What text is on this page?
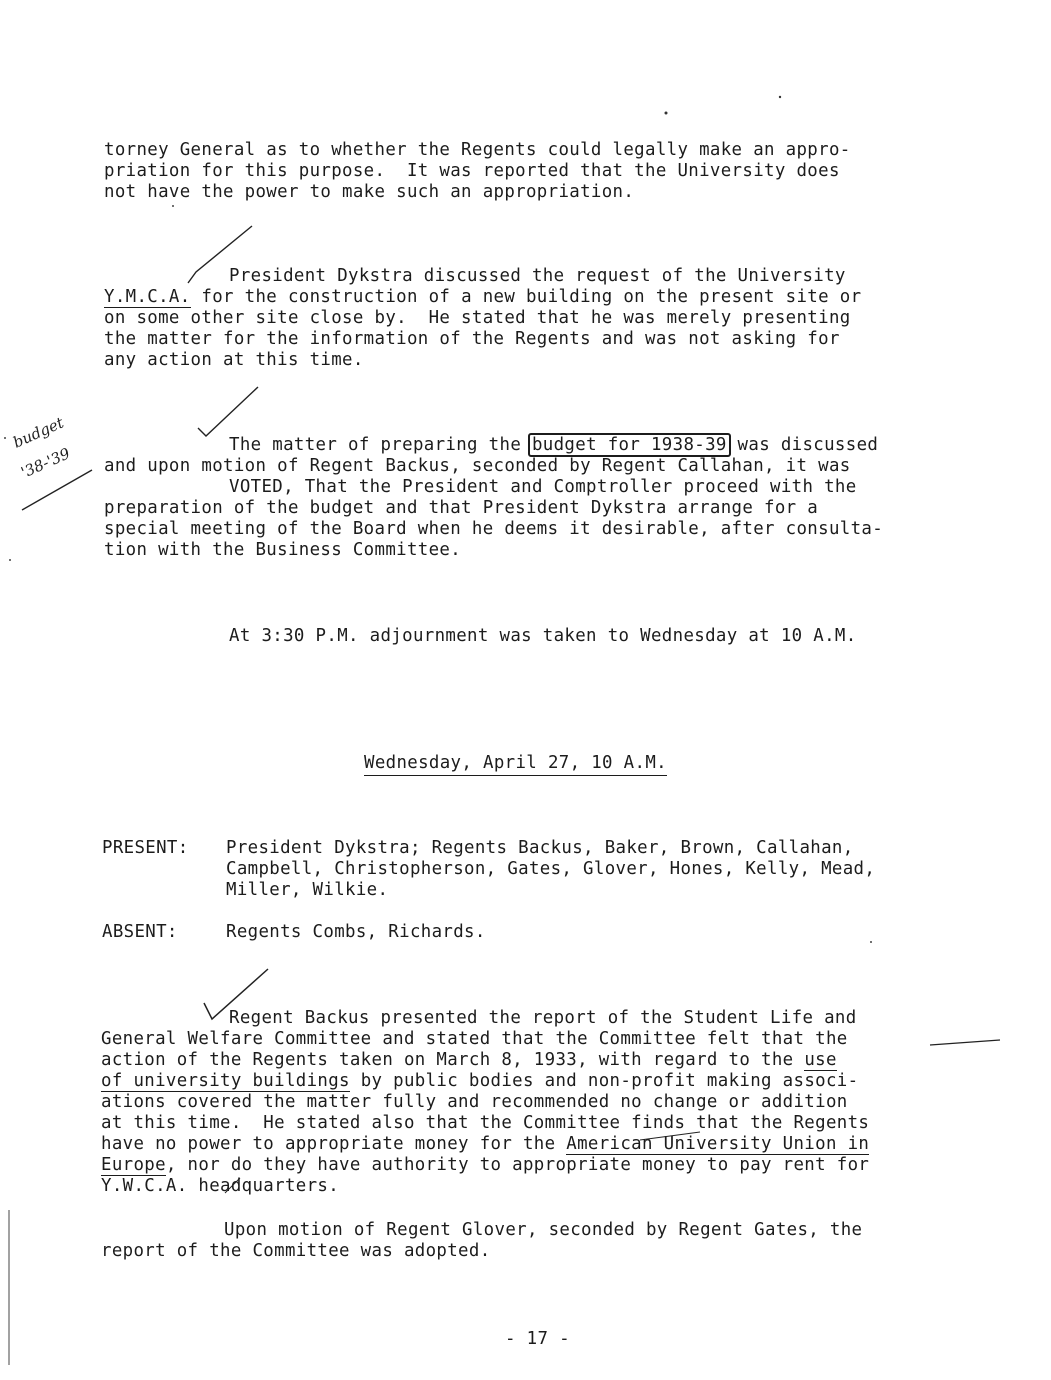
torney General as to whether the Regents could legally make an appro-
priation for this purpose.  It was reported that the University does
not have the power to make such an appropriation.
President Dykstra discussed the request of the University
Y.M.C.A. for the construction of a new building on the present site or
on some other site close by.  He stated that he was merely presenting
the matter for the information of the Regents and was not asking for
any action at this time.
The matter of preparing the budget for 1938-39 was discussed
and upon motion of Regent Backus, seconded by Regent Callahan, it was
VOTED, That the President and Comptroller proceed with the
preparation of the budget and that President Dykstra arrange for a
special meeting of the Board when he deems it desirable, after consulta-
tion with the Business Committee.
At 3:30 P.M. adjournment was taken to Wednesday at 10 A.M.
Wednesday, April 27, 10 A.M.
PRESENT: President Dykstra; Regents Backus, Baker, Brown, Callahan,
Campbell, Christopherson, Gates, Glover, Hones, Kelly, Mead,
Miller, Wilkie.
ABSENT:	Regents Combs, Richards.
Regent Backus presented the report of the Student Life and
General Welfare Committee and stated that the Committee felt that the
action of the Regents taken on March 8, 1933, with regard to the use
of university buildings by public bodies and non-profit making associ-
ations covered the matter fully and recommended no change or addition
at this time.  He stated also that the Committee finds that the Regents
have no power to appropriate money for the American University Union in
Europe, nor do they have authority to appropriate money to pay rent for
Y.W.C.A. headquarters.
Upon motion of Regent Glover, seconded by Regent Gates, the
report of the Committee was adopted.
- 17 -
budget
'38-'39
